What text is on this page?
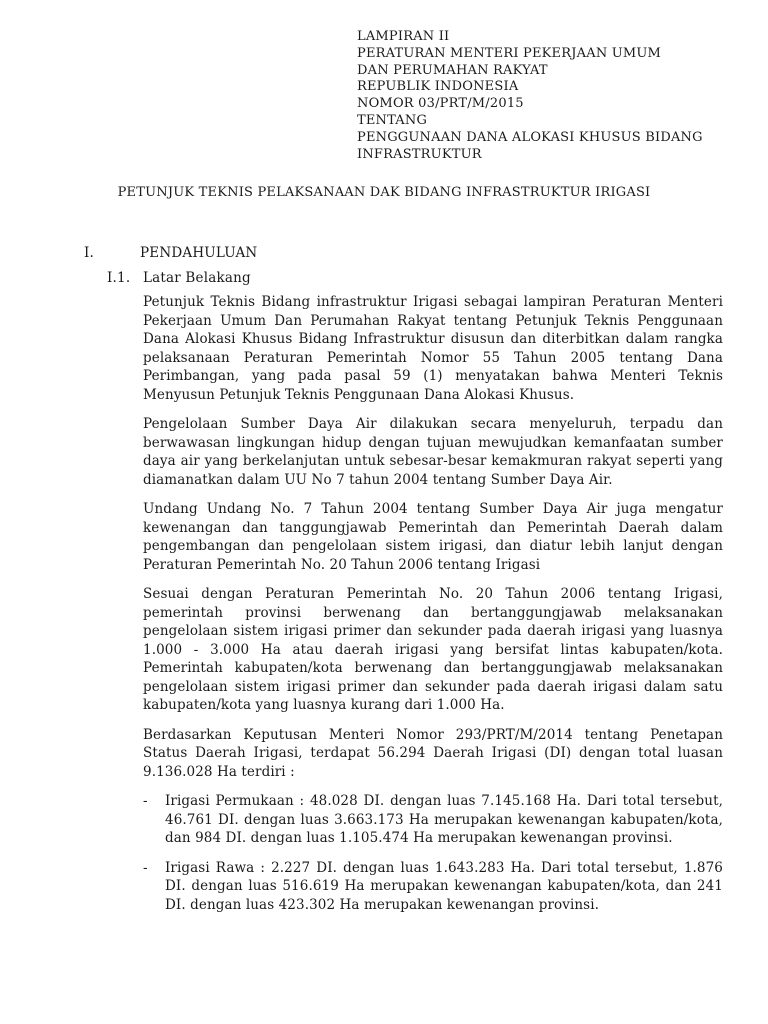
LAMPIRAN II
PERATURAN MENTERI PEKERJAAN UMUM
DAN PERUMAHAN RAKYAT
REPUBLIK INDONESIA
NOMOR 03/PRT/M/2015
TENTANG
PENGGUNAAN DANA ALOKASI KHUSUS BIDANG
INFRASTRUKTUR
PETUNJUK TEKNIS PELAKSANAAN DAK BIDANG INFRASTRUKTUR IRIGASI
I.	PENDAHULUAN
I.1. Latar Belakang

Petunjuk Teknis Bidang infrastruktur Irigasi sebagai lampiran Peraturan Menteri Pekerjaan Umum Dan Perumahan Rakyat tentang Petunjuk Teknis Penggunaan Dana Alokasi Khusus Bidang Infrastruktur disusun dan diterbitkan dalam rangka pelaksanaan Peraturan Pemerintah Nomor 55 Tahun 2005 tentang Dana Perimbangan, yang pada pasal 59 (1) menyatakan bahwa Menteri Teknis Menyusun Petunjuk Teknis Penggunaan Dana Alokasi Khusus.

Pengelolaan Sumber Daya Air dilakukan secara menyeluruh, terpadu dan berwawasan lingkungan hidup dengan tujuan mewujudkan kemanfaatan sumber daya air yang berkelanjutan untuk sebesar-besar kemakmuran rakyat seperti yang diamanatkan dalam UU No 7 tahun 2004 tentang Sumber Daya Air.

Undang Undang No. 7 Tahun 2004 tentang Sumber Daya Air juga mengatur kewenangan dan tanggungjawab Pemerintah dan Pemerintah Daerah dalam pengembangan dan pengelolaan sistem irigasi, dan diatur lebih lanjut dengan Peraturan Pemerintah No. 20 Tahun 2006 tentang Irigasi

Sesuai dengan Peraturan Pemerintah No. 20 Tahun 2006 tentang Irigasi, pemerintah provinsi berwenang dan bertanggungjawab melaksanakan pengelolaan sistem irigasi primer dan sekunder pada daerah irigasi yang luasnya 1.000 - 3.000 Ha atau daerah irigasi yang bersifat lintas kabupaten/kota. Pemerintah kabupaten/kota berwenang dan bertanggungjawab melaksanakan pengelolaan sistem irigasi primer dan sekunder pada daerah irigasi dalam satu kabupaten/kota yang luasnya kurang dari 1.000 Ha.

Berdasarkan Keputusan Menteri Nomor 293/PRT/M/2014 tentang Penetapan Status Daerah Irigasi, terdapat 56.294 Daerah Irigasi (DI) dengan total luasan 9.136.028 Ha terdiri :

- Irigasi Permukaan : 48.028 DI. dengan luas 7.145.168 Ha. Dari total tersebut, 46.761 DI. dengan luas 3.663.173 Ha merupakan kewenangan kabupaten/kota, dan 984 DI. dengan luas 1.105.474 Ha merupakan kewenangan provinsi.
- Irigasi Rawa : 2.227 DI. dengan luas 1.643.283 Ha. Dari total tersebut, 1.876 DI. dengan luas 516.619 Ha merupakan kewenangan kabupaten/kota, dan 241 DI. dengan luas 423.302 Ha merupakan kewenangan provinsi.
